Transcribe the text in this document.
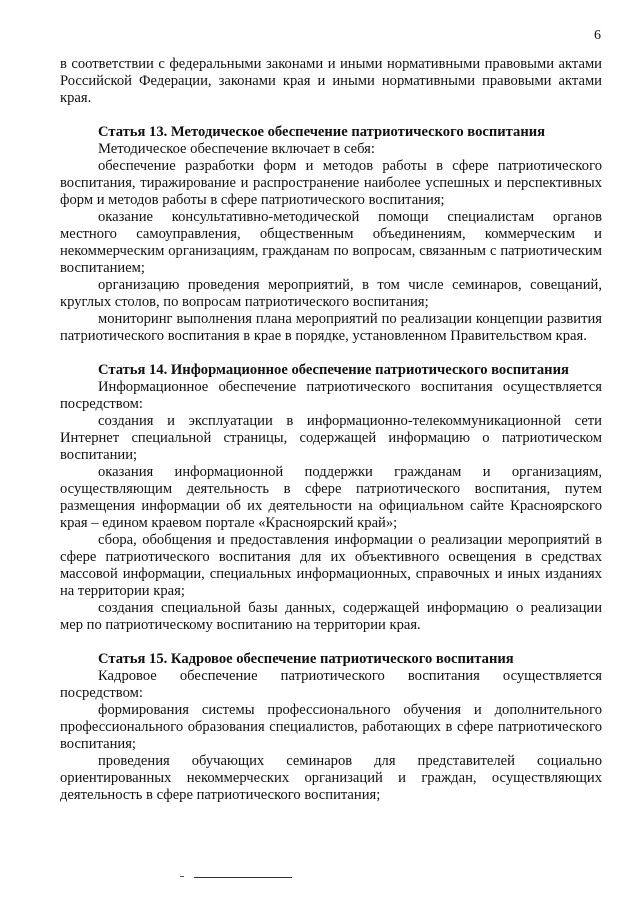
6

в соответствии с федеральными законами и иными нормативными правовыми актами Российской Федерации, законами края и иными нормативными правовыми актами края.

Статья 13. Методическое обеспечение патриотического воспитания

Методическое обеспечение включает в себя:

обеспечение разработки форм и методов работы в сфере патриотического воспитания, тиражирование и распространение наиболее успешных и перспективных форм и методов работы в сфере патриотического воспитания;

оказание консультативно-методической помощи специалистам органов местного самоуправления, общественным объединениям, коммерческим и некоммерческим организациям, гражданам по вопросам, связанным с патриотическим воспитанием;

организацию проведения мероприятий, в том числе семинаров, совещаний, круглых столов, по вопросам патриотического воспитания;

мониторинг выполнения плана мероприятий по реализации концепции развития патриотического воспитания в крае в порядке, установленном Правительством края.

Статья 14. Информационное обеспечение патриотического воспитания

Информационное обеспечение патриотического воспитания осуществляется посредством:

создания и эксплуатации в информационно-телекоммуникационной сети Интернет специальной страницы, содержащей информацию о патриотическом воспитании;

оказания информационной поддержки гражданам и организациям, осуществляющим деятельность в сфере патриотического воспитания, путем размещения информации об их деятельности на официальном сайте Красноярского края – едином краевом портале «Красноярский край»;

сбора, обобщения и предоставления информации о реализации мероприятий в сфере патриотического воспитания для их объективного освещения в средствах массовой информации, специальных информационных, справочных и иных изданиях на территории края;

создания специальной базы данных, содержащей информацию о реализации мер по патриотическому воспитанию на территории края.

Статья 15. Кадровое обеспечение патриотического воспитания

Кадровое обеспечение патриотического воспитания осуществляется посредством:

формирования системы профессионального обучения и дополнительного профессионального образования специалистов, работающих в сфере патриотического воспитания;

проведения обучающих семинаров для представителей социально ориентированных некоммерческих организаций и граждан, осуществляющих деятельность в сфере патриотического воспитания;
